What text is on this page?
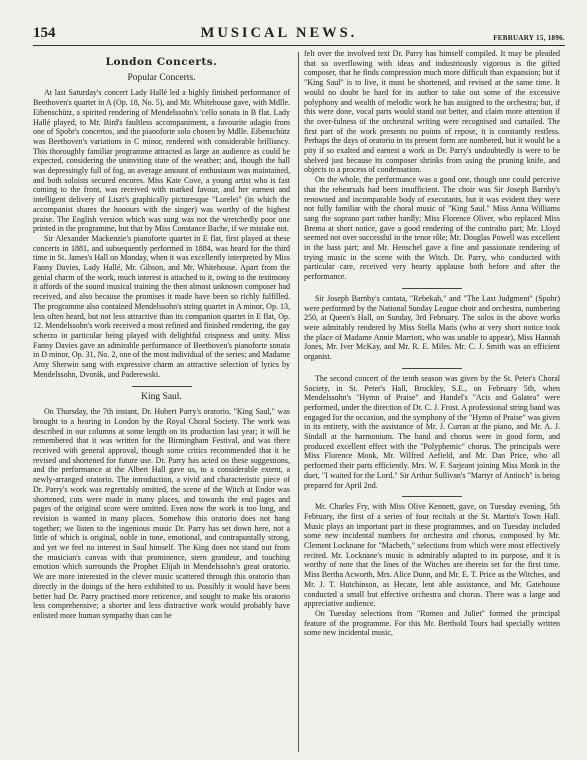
154	MUSICAL NEWS.	FEBRUARY 15, 1896.
London Concerts.
Popular Concerts.

At last Saturday's concert Lady Hallé led a highly finished performance of Beethoven's quartet in A (Op. 18, No. 5), and Mr. Whitehouse gave, with Mdlle. Eibenschütz, a spirited rendering of Mendelssohn's 'cello sonata in B flat. Lady Hallé played, to Mr. Bird's faultless accompaniment, a favourite adagio from one of Spohr's concertos, and the pianoforte solo chosen by Mdlle. Eibenschütz was Beethoven's variations in C minor, rendered with considerable brilliancy. This thoroughly familiar programme attracted as large an audience as could be expected, considering the uninviting state of the weather; and, though the hall was depressingly full of fog, an average amount of enthusiasm was maintained, and both soloists secured encores. Miss Kate Cove, a young artist who is fast coming to the front, was received with marked favour, and her earnest and intelligent delivery of Liszt's graphically picturesque "Lorelei" (in which the accompanist shares the honours with the singer) was worthy of the highest praise. The English version which was sung was not the wretchedly poor one printed in the programme, but that by Miss Constance Bache, if we mistake not.

Sir Alexander Mackenzie's pianoforte quartet in E flat, first played at these concerts in 1881, and subsequently performed in 1884, was heard for the third time in St. James's Hall on Monday, when it was excellently interpreted by Miss Fanny Davies, Lady Hallé, Mr. Gibson, and Mr. Whitehouse. Apart from the genial charm of the work, much interest is attached to it, owing to the testimony it affords of the sound musical training the then almost unknown composer had received, and also because the promises it made have been so richly fulfilled. The programme also contained Mendelssohn's string quartet in A minor, Op. 13, less often heard, but not less attractive than its companion quartet in E flat, Op. 12. Mendelssohn's work received a most refined and finished rendering, the gay scherzo in particular being played with delightful crispness and unity. Miss Fanny Davies gave an admirable performance of Beethoven's pianoforte sonata in D minor, Op. 31, No. 2, one of the most individual of the series; and Madame Amy Sherwin sang with expressive charm an attractive selection of lyrics by Mendelssohn, Dvorák, and Paderewski.

King Saul.

On Thursday, the 7th instant, Dr. Hubert Parry's oratorio, "King Saul," was brought to a hearing in London by the Royal Choral Society. The work was described in our columns at some length on its production last year; it will be remembered that it was written for the Birmingham Festival, and was there received with general approval, though some critics recommended that it be revised and shortened for future use. Dr. Parry has acted on these suggestions, and the performance at the Albert Hall gave us, to a considerable extent, a newly-arranged oratorio. The introduction, a vivid and characteristic piece of Dr. Parry's work was regrettably omitted, the scene of the Witch at Endor was shortened, cuts were made in many places, and towards the end pages and pages of the original score were omitted. Even now the work is too long, and revision is wanted in many places. Somehow this oratorio does not hang together; we listen to the ingenious music Dr. Parry has set down here, not a little of which is original, noble in tone, emotional, and contrapuntally strong, and yet we feel no interest in Saul himself. The King does not stand out from the musician's canvas with that prominence, stern grandeur, and touching emotion which surrounds the Prophet Elijah in Mendelssohn's great oratorio. We are more interested in the clever music scattered through this oratorio than directly in the doings of the hero exhibited to us. Possibly it would have been better had Dr. Parry practised more reticence, and sought to make his oratorio less comprehensive; a shorter and less distractive work would probably have enlisted more human sympathy than can be

felt over the involved text Dr. Parry has himself compiled. It may be pleaded that so overflowing with ideas and industriously vigorous is the gifted composer, that he finds compression much more difficult than expansion; but if "King Saul" is to live, it must be shortened, and revised at the same time. It would no doubt be hard for its author to take out some of the excessive polyphony and wealth of melodic work he has assigned to the orchestra; but, if this were done, vocal parts would stand out better, and claim more attention if the over-fulness of the orchestral writing were recognised and curtailed. The first part of the work presents no points of repose, it is constantly restless. Perhaps the days of oratorio in its present form are numbered, but it would be a pity if so exalted and earnest a work as Dr. Parry's undoubtedly is were to be shelved just because its composer shrinks from using the pruning knife, and objects to a process of condensation.

On the whole, the performance was a good one, though one could perceive that the rehearsals had been insufficient. The choir was Sir Joseph Barnby's renowned and incomparable body of executants, but it was evident they were not fully familiar with the choral music of "King Saul." Miss Anna Williams sang the soprano part rather hardly; Miss Florence Oliver, who replaced Miss Brema at short notice, gave a good rendering of the contralto part; Mr. Lloyd seemed not over successful in the tenor rôle; Mr. Douglas Powell was excellent in the bass part; and Mr. Henschel gave a fine and passionate rendering of trying music in the scene with the Witch. Dr. Parry, who conducted with particular care, received very hearty applause both before and after the performance.

Sir Joseph Barnby's cantata, "Rebekah," and "The Last Judgment" (Spohr) were performed by the National Sunday League choir and orchestra, numbering 250, at Queen's Hall, on Sunday, 3rd February. The solos in the above works were admirably rendered by Miss Stella Maris (who at very short notice took the place of Madame Annie Marriott, who was unable to appear), Miss Hannah Jones, Mr. Iver McKay, and Mr. R. E. Miles. Mr. C. J. Smith was an efficient organist.

The second concert of the tenth season was given by the St. Peter's Choral Society, in St. Peter's Hall, Brockley, S.E., on February 5th, when Mendelssohn's "Hymn of Praise" and Handel's "Acis and Galatea" were performed, under the direction of Dr. C. J. Frost. A professional string band was engaged for the occasion, and the symphony of the "Hymn of Praise" was given in its entirety, with the assistance of Mr. J. Curran at the piano, and Mr. A. J. Sindall at the harmonium. The band and chorus were in good form, and produced excellent effect with the "Polyphemic" chorus. The principals were Miss Florence Monk, Mr. Wilfred Aefield, and Mr. Dan Price, who all performed their parts efficiently. Mrs. W. F. Sarjeant joining Miss Monk in the duet, "I waited for the Lord." Sir Arthur Sullivan's "Martyr of Antioch" is being prepared for April 2nd.

Mr. Charles Fry, with Miss Olive Kennett, gave, on Tuesday evening, 5th February, the first of a series of four recitals at the St. Martin's Town Hall. Music plays an important part in these programmes, and on Tuesday included some new incidental numbers for orchestra and chorus, composed by Mr. Clement Locknane for "Macbeth," selections from which were most effectively recited. Mr. Locknane's music is admirably adapted to its purpose, and it is worthy of note that the lines of the Witches are therein set for the first time. Miss Bertha Acworth, Mrs. Alice Dunn, and Mr. E. T. Price as the Witches, and Mr. J. T. Hutchinson, as Hecate, lent able assistance, and Mr. Gatehouse conducted a small but effective orchestra and chorus. There was a large and appreciative audience.

On Tuesday selections from "Romeo and Juliet" formed the principal feature of the programme. For this Mr. Berthold Tours had specially written some new incidental music,
